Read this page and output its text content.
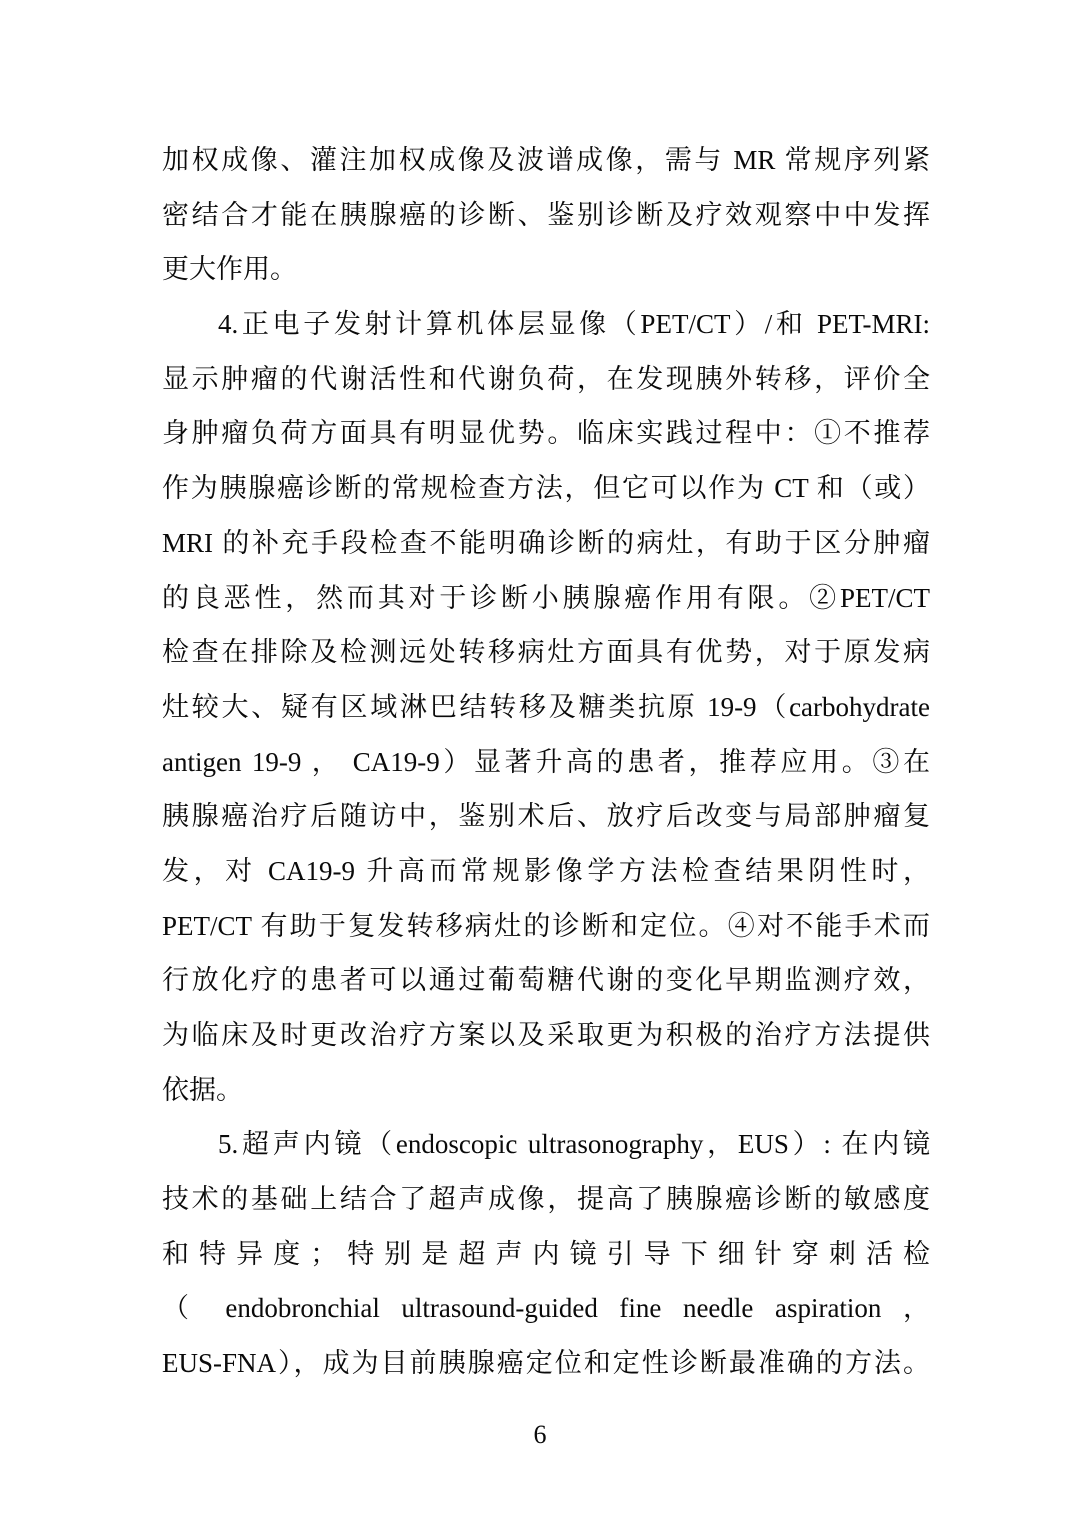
加权成像、灌注加权成像及波谱成像，需与 MR 常规序列紧
密结合才能在胰腺癌的诊断、鉴别诊断及疗效观察中中发挥
更大作用。
4.正电子发射计算机体层显像（PET/CT）/和 PET-MRI:
显示肿瘤的代谢活性和代谢负荷，在发现胰外转移，评价全
身肿瘤负荷方面具有明显优势。临床实践过程中：①不推荐
作为胰腺癌诊断的常规检查方法，但它可以作为 CT 和（或）
MRI 的补充手段检查不能明确诊断的病灶，有助于区分肿瘤
的良恶性，然而其对于诊断小胰腺癌作用有限。②PET/CT
检查在排除及检测远处转移病灶方面具有优势，对于原发病
灶较大、疑有区域淋巴结转移及糖类抗原 19-9（carbohydrate
antigen 19-9 ， CA19-9）显著升高的患者，推荐应用。③在
胰腺癌治疗后随访中，鉴别术后、放疗后改变与局部肿瘤复
发，对 CA19-9 升高而常规影像学方法检查结果阴性时，
PET/CT 有助于复发转移病灶的诊断和定位。④对不能手术而
行放化疗的患者可以通过葡萄糖代谢的变化早期监测疗效，
为临床及时更改治疗方案以及采取更为积极的治疗方法提供
依据。
5.超声内镜（endoscopic ultrasonography，EUS）: 在内镜
技术的基础上结合了超声成像，提高了胰腺癌诊断的敏感度
和特异度；特别是超声内镜引导下细针穿刺活检
（ endobronchial ultrasound-guided fine needle aspiration ，
EUS-FNA），成为目前胰腺癌定位和定性诊断最准确的方法。
6
